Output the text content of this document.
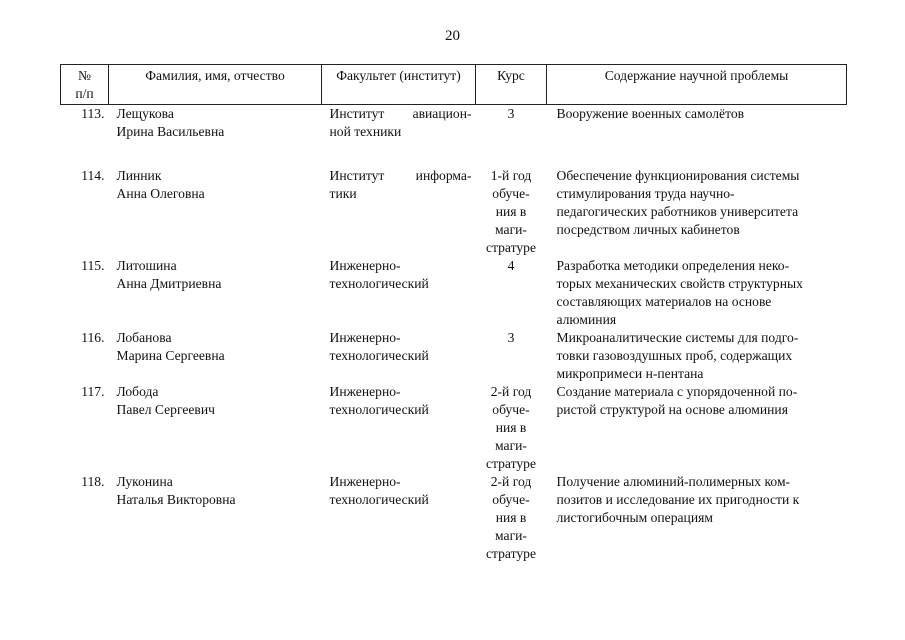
20
№
п/п	Фамилия, имя, отчество	Факультет (институт)	Курс	Содержание научной проблемы
113.	Лещукова
Ирина Васильевна	Институт авиацион-
ной техники	3	Вооружение военных самолётов

114.	Линник
Анна Олеговна	Институт информа-
тики	1-й год
обуче-
ния в
маги-
стратуре	Обеспечение функционирования системы
стимулирования труда научно-
педагогических работников университета
посредством личных кабинетов

115.	Литошина
Анна Дмитриевна	Инженерно-
технологический	4	Разработка методики определения неко-
торых механических свойств структурных
составляющих материалов на основе
алюминия

116.	Лобанова
Марина Сергеевна	Инженерно-
технологический	3	Микроаналитические системы для подго-
товки газовоздушных проб, содержащих
микропримеси н-пентана

117.	Лобода
Павел Сергеевич	Инженерно-
технологический	2-й год
обуче-
ния в
маги-
стратуре	Создание материала с упорядоченной по-
ристой структурой на основе алюминия

118.	Луконина
Наталья Викторовна	Инженерно-
технологический	2-й год
обуче-
ния в
маги-
стратуре	Получение алюминий-полимерных ком-
позитов и исследование их пригодности к
листогибочным операциям
